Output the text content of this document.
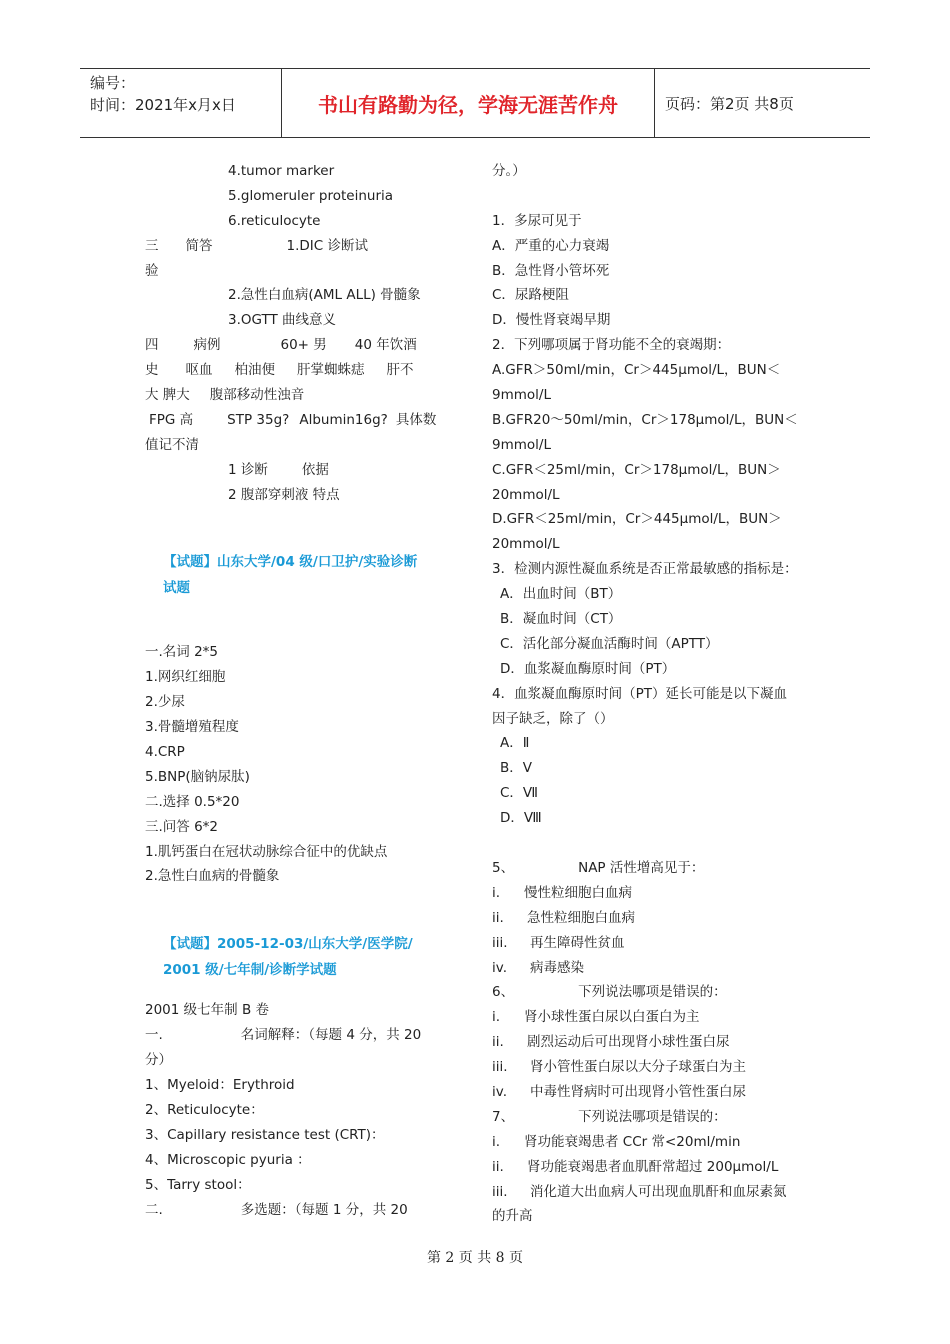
编号：
时间：2021年x月x日	书山有路勤为径，学海无涯苦作舟	页码：第2页 共8页
4.tumor marker
5.glomeruler proteinuria
6.reticulocyte
三 简答	1.DIC 诊断试
验
2.急性白血病(AML ALL) 骨髓象
3.OGTT 曲线意义
四	病例	60+ 男 40 年饮酒
史 呕血 柏油便 肝掌蜘蛛痣 肝不
大 脾大 腹部移动性浊音
FPG 高	STP 35g? Albumin16g? 具体数
值记不清
1 诊断	依据
2 腹部穿刺液 特点
【试题】山东大学/04 级/口卫护/实验诊断
试题
一.名词 2*5
1.网织红细胞
2.少尿
3.骨髓增殖程度
4.CRP
5.BNP(脑钠尿肽)
二.选择 0.5*20
三.问答 6*2
1.肌钙蛋白在冠状动脉综合征中的优缺点
2.急性白血病的骨髓象
【试题】2005-12-03/山东大学/医学院/
2001 级/七年制/诊断学试题
2001 级七年制 B 卷
一.	名词解释：（每题 4 分，共 20
分）
1、Myeloid：Erythroid
2、Reticulocyte：
3、Capillary resistance test (CRT)：
4、Microscopic pyuria ：
5、Tarry stool：
二.	多选题：（每题 1 分，共 20
分。）
1．多尿可见于
A．严重的心力衰竭
B．急性肾小管坏死
C．尿路梗阻
D．慢性肾衰竭早期
2．下列哪项属于肾功能不全的衰竭期：
A.GFR＞50ml/min，Cr＞445μmol/L，BUN＜
9mmol/L
B.GFR20～50ml/min，Cr＞178μmol/L，BUN＜
9mmol/L
C.GFR＜25ml/min，Cr＞178μmol/L，BUN＞
20mmol/L
D.GFR＜25ml/min，Cr＞445μmol/L，BUN＞
20mmol/L
3．检测内源性凝血系统是否正常最敏感的指标是：
A．出血时间（BT）
B．凝血时间（CT）
C．活化部分凝血活酶时间（APTT）
D．血浆凝血酶原时间（PT）
4．血浆凝血酶原时间（PT）延长可能是以下凝血
因子缺乏，除了（）
A．Ⅱ
B．Ⅴ
C．Ⅶ
D．Ⅷ
5、	NAP 活性增高见于：
i. 慢性粒细胞白血病
ii. 急性粒细胞白血病
iii. 再生障碍性贫血
iv. 病毒感染
6、	下列说法哪项是错误的：
i. 肾小球性蛋白尿以白蛋白为主
ii. 剧烈运动后可出现肾小球性蛋白尿
iii. 肾小管性蛋白尿以大分子球蛋白为主
iv. 中毒性肾病时可出现肾小管性蛋白尿
7、	下列说法哪项是错误的：
i. 肾功能衰竭患者 CCr 常<20ml/min
ii. 肾功能衰竭患者血肌酐常超过 200μmol/L
iii. 消化道大出血病人可出现血肌酐和血尿素氮
的升高
第 2 页 共 8 页
